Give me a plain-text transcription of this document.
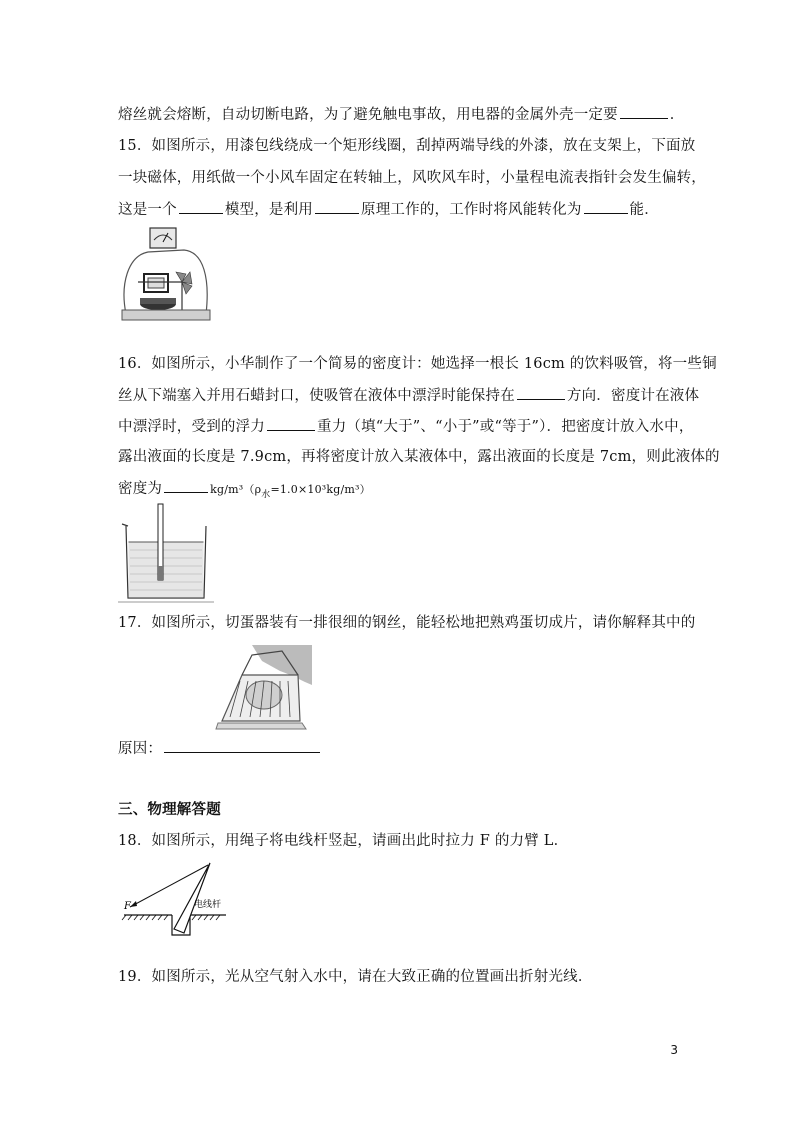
熔丝就会熔断，自动切断电路，为了避免触电事故，用电器的金属外壳一定要	．
15．如图所示，用漆包线绕成一个矩形线圈，刮掉两端导线的外漆，放在支架上，下面放
一块磁体，用纸做一个小风车固定在转轴上，风吹风车时，小量程电流表指针会发生偏转，
这是一个	模型，是利用	原理工作的，工作时将风能转化为	能．
16．如图所示，小华制作了一个简易的密度计：她选择一根长 16cm 的饮料吸管，将一些铜
丝从下端塞入并用石蜡封口，使吸管在液体中漂浮时能保持在	方向．密度计在液体
中漂浮时，受到的浮力	重力（填“大于”、“小于”或“等于”）．把密度计放入水中，
露出液面的长度是 7.9cm，再将密度计放入某液体中，露出液面的长度是 7cm，则此液体的
密度为	$kg/m^3(\rho_水=1.0\times 10^3kg/m^3)$
17．如图所示，切蛋器装有一排很细的钢丝，能轻松地把熟鸡蛋切成片，请你解释其中的
原因：
三、物理解答题
18．如图所示，用绳子将电线杆竖起，请画出此时拉力 F 的力臂 L．
F	电线杆
19．如图所示，光从空气射入水中，请在大致正确的位置画出折射光线．
3
